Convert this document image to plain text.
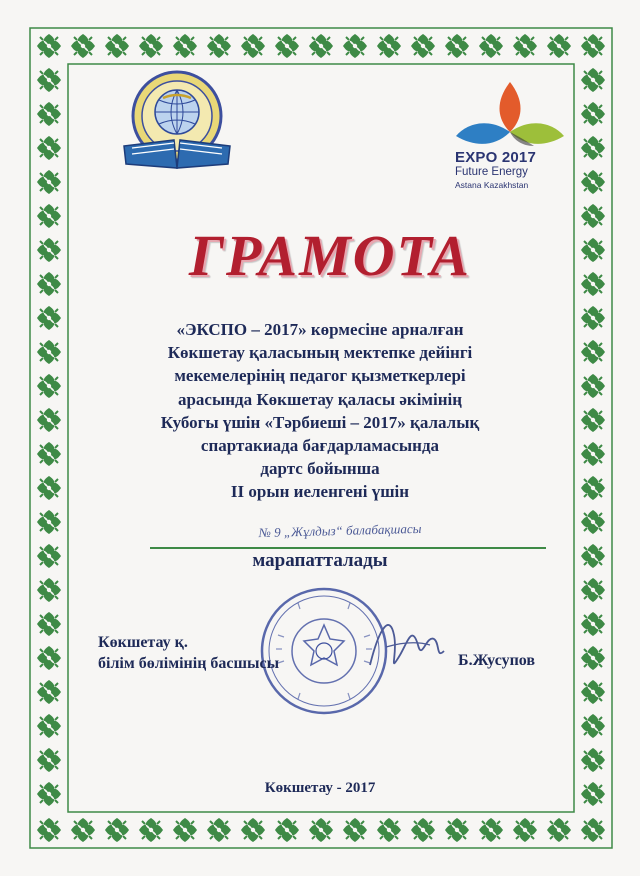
EXPO 2017
Future Energy
Astana Kazakhstan
ГРАМОТА
«ЭКСПО – 2017» көрмесіне арналған
Көкшетау қаласының мектепке дейінгі
мекемелерінің педагог қызметкерлері
арасында Көкшетау қаласы әкімінің
Кубогы үшін «Тәрбиеші – 2017» қалалық
спартакиада бағдарламасында
дартс бойынша
II орын иеленгені үшін
№ 9 „Жұлдыз“ балабақшасы
марапатталады
Көкшетау қ.
білім бөлімінің басшысы	Б.Жусупов
Көкшетау - 2017
